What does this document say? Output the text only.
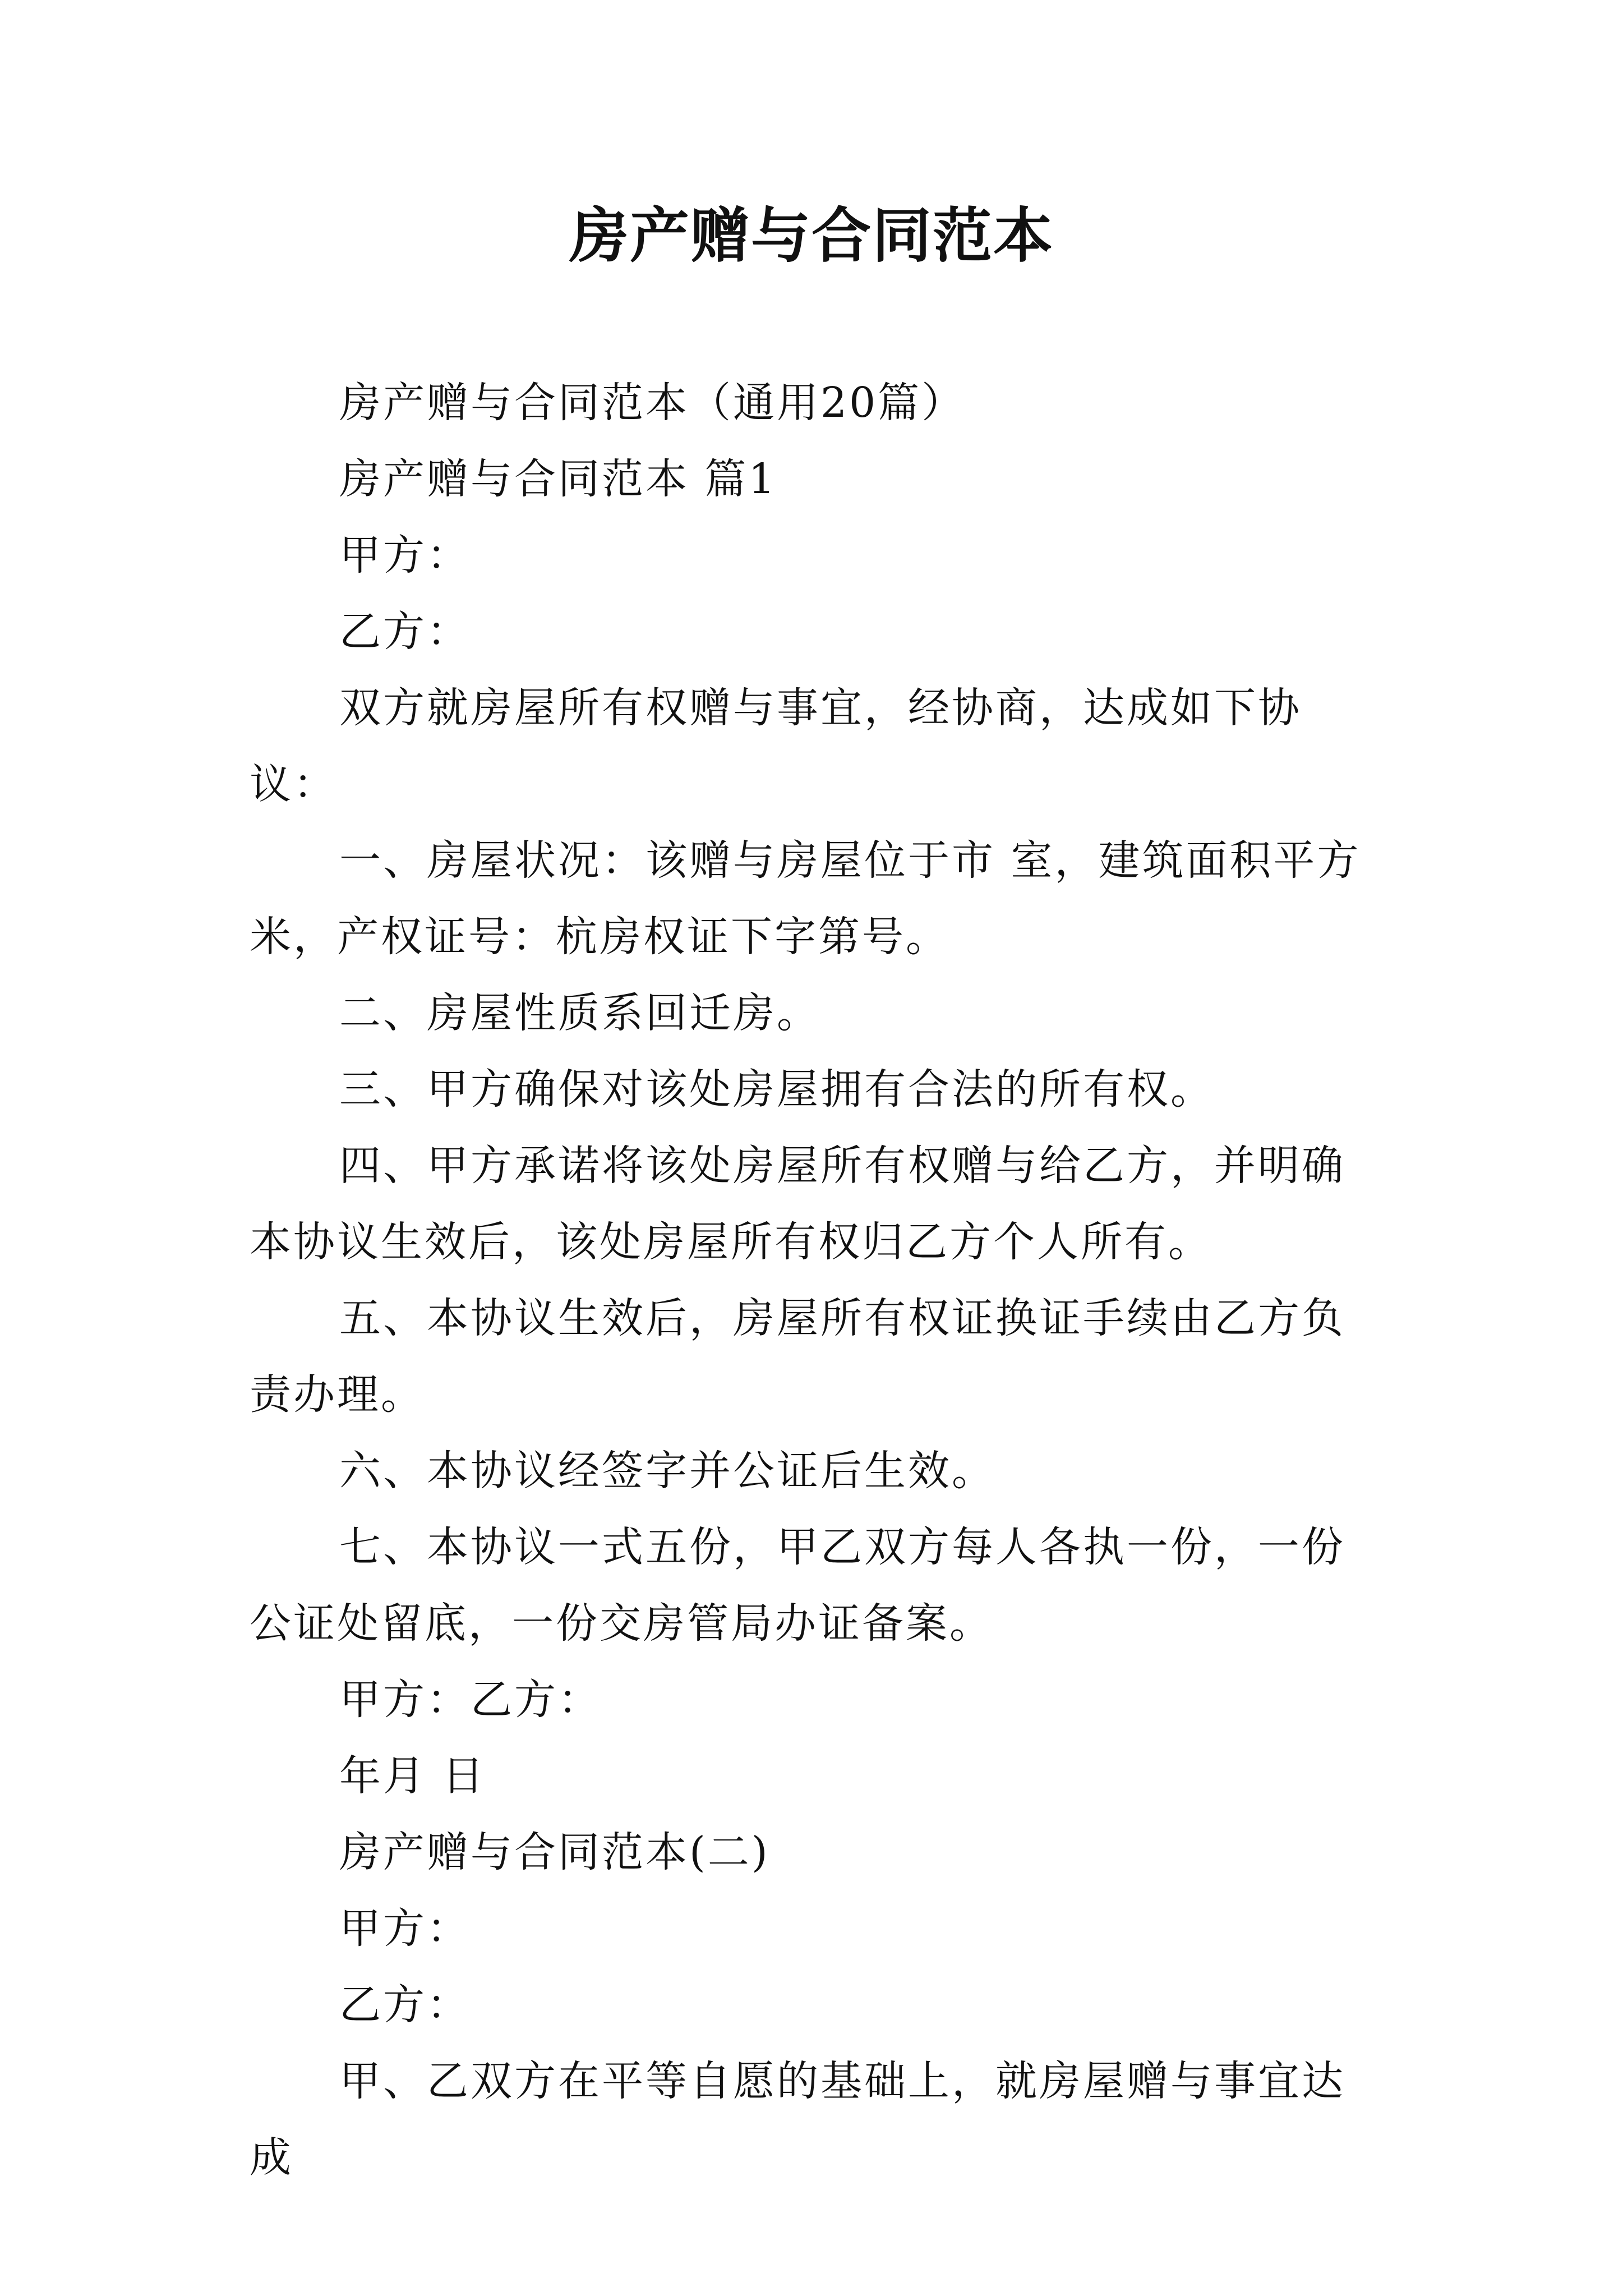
房产赠与合同范本

房产赠与合同范本（通用20篇）

房产赠与合同范本 篇1

甲方：

乙方：

双方就房屋所有权赠与事宜，经协商，达成如下协议：

一、房屋状况：该赠与房屋位于市 室，建筑面积平方米，产权证号：杭房权证下字第号。

二、房屋性质系回迁房。

三、甲方确保对该处房屋拥有合法的所有权。

四、甲方承诺将该处房屋所有权赠与给乙方，并明确本协议生效后，该处房屋所有权归乙方个人所有。

五、本协议生效后，房屋所有权证换证手续由乙方负责办理。

六、本协议经签字并公证后生效。

七、本协议一式五份，甲乙双方每人各执一份，一份公证处留底，一份交房管局办证备案。

甲方：乙方：

年月 日

房产赠与合同范本(二)

甲方：

乙方：

甲、乙双方在平等自愿的基础上，就房屋赠与事宜达成
